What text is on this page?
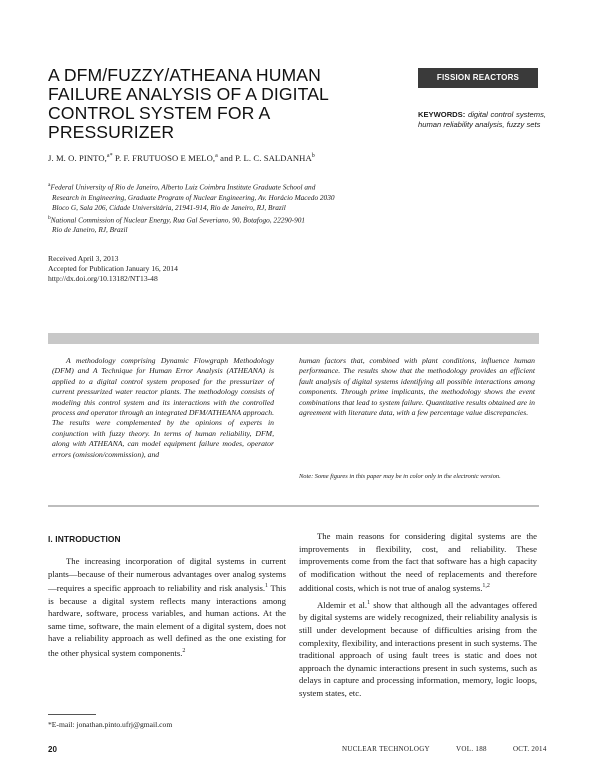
A DFM/FUZZY/ATHEANA HUMAN FAILURE ANALYSIS OF A DIGITAL CONTROL SYSTEM FOR A PRESSURIZER
FISSION REACTORS
KEYWORDS: digital control systems, human reliability analysis, fuzzy sets
J. M. O. PINTO,$^{a*}$ P. F. FRUTUOSO E MELO,$^a$ and P. L. C. SALDANHA$^b$

$^a$Federal University of Rio de Janeiro, Alberto Luiz Coimbra Institute Graduate School and

Research in Engineering, Graduate Program of Nuclear Engineering, Av. Horácio Macedo 2030

Bloco G, Sala 206, Cidade Universitária, 21941-914, Rio de Janeiro, RJ, Brazil

$^b$National Commission of Nuclear Energy, Rua Gal Severiano, 90, Botafogo, 22290-901

Rio de Janeiro, RJ, Brazil

Received April 3, 2013

Accepted for Publication January 16, 2014

http://dx.doi.org/10.13182/NT13-48

A methodology comprising Dynamic Flowgraph Methodology (DFM) and A Technique for Human Error Analysis (ATHEANA) is applied to a digital control system proposed for the pressurizer of current pressurized water reactor plants. The methodology consists of modeling this control system and its interactions with the controlled process and operator through an integrated DFM/ATHEANA approach. The results were complemented by the opinions of experts in conjunction with fuzzy theory. In terms of human reliability, DFM, along with ATHEANA, can model equipment failure modes, operator errors (omission/commission), and

human factors that, combined with plant conditions, influence human performance. The results show that the methodology provides an efficient fault analysis of digital systems identifying all possible interactions among components. Through prime implicants, the methodology shows the event combinations that lead to system failure. Quantitative results obtained are in agreement with literature data, with a few percentage value discrepancies.

Note: Some figures in this paper may be in color only in the electronic version.

I. INTRODUCTION

The increasing incorporation of digital systems in current plants—because of their numerous advantages over analog systems—requires a specific approach to reliability and risk analysis.$^1$ This is because a digital system reflects many interactions among hardware, software, process variables, and human actions. At the same time, software, the main element of a digital system, does not have a reliability approach as well defined as the one existing for the other physical system components.$^2$

The main reasons for considering digital systems are the improvements in flexibility, cost, and reliability. These improvements come from the fact that software has a high capacity of modification without the need of replacements and therefore additional costs, which is not true of analog systems.$^{1,2}$

Aldemir et al.$^1$ show that although all the advantages offered by digital systems are widely recognized, their reliability analysis is still under development because of difficulties arising from the complexity, flexibility, and interactions present in such systems. The traditional approach of using fault trees is static and does not approach the dynamic interactions present in such systems, such as delays in capture and processing information, memory, logic loops, system states, etc.

*E-mail: jonathan.pinto.ufrj@gmail.com

20	NUCLEAR TECHNOLOGY	VOL. 188	OCT. 2014
